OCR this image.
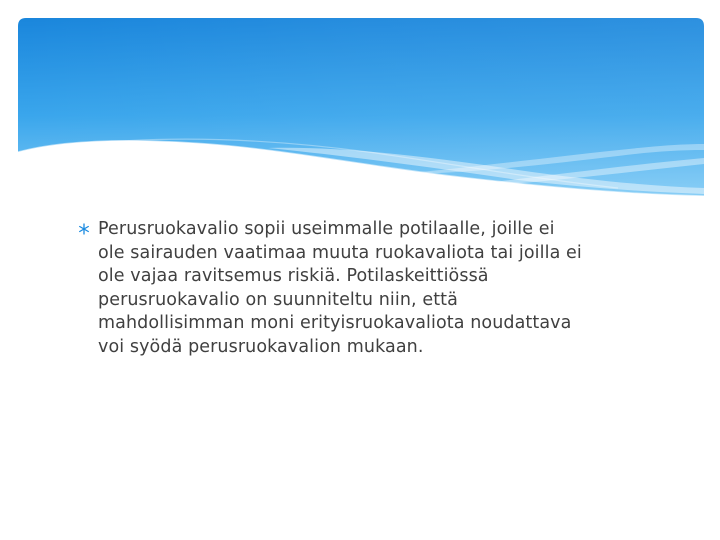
Perusruokavalio sopii useimmalle potilaalle, joille ei
ole sairauden vaatimaa muuta ruokavaliota tai joilla ei
ole vajaa ravitsemus riskiä. Potilaskeittiössä
perusruokavalio on suunniteltu niin, että
mahdollisimman moni erityisruokavaliota noudattava
voi syödä perusruokavalion mukaan.
